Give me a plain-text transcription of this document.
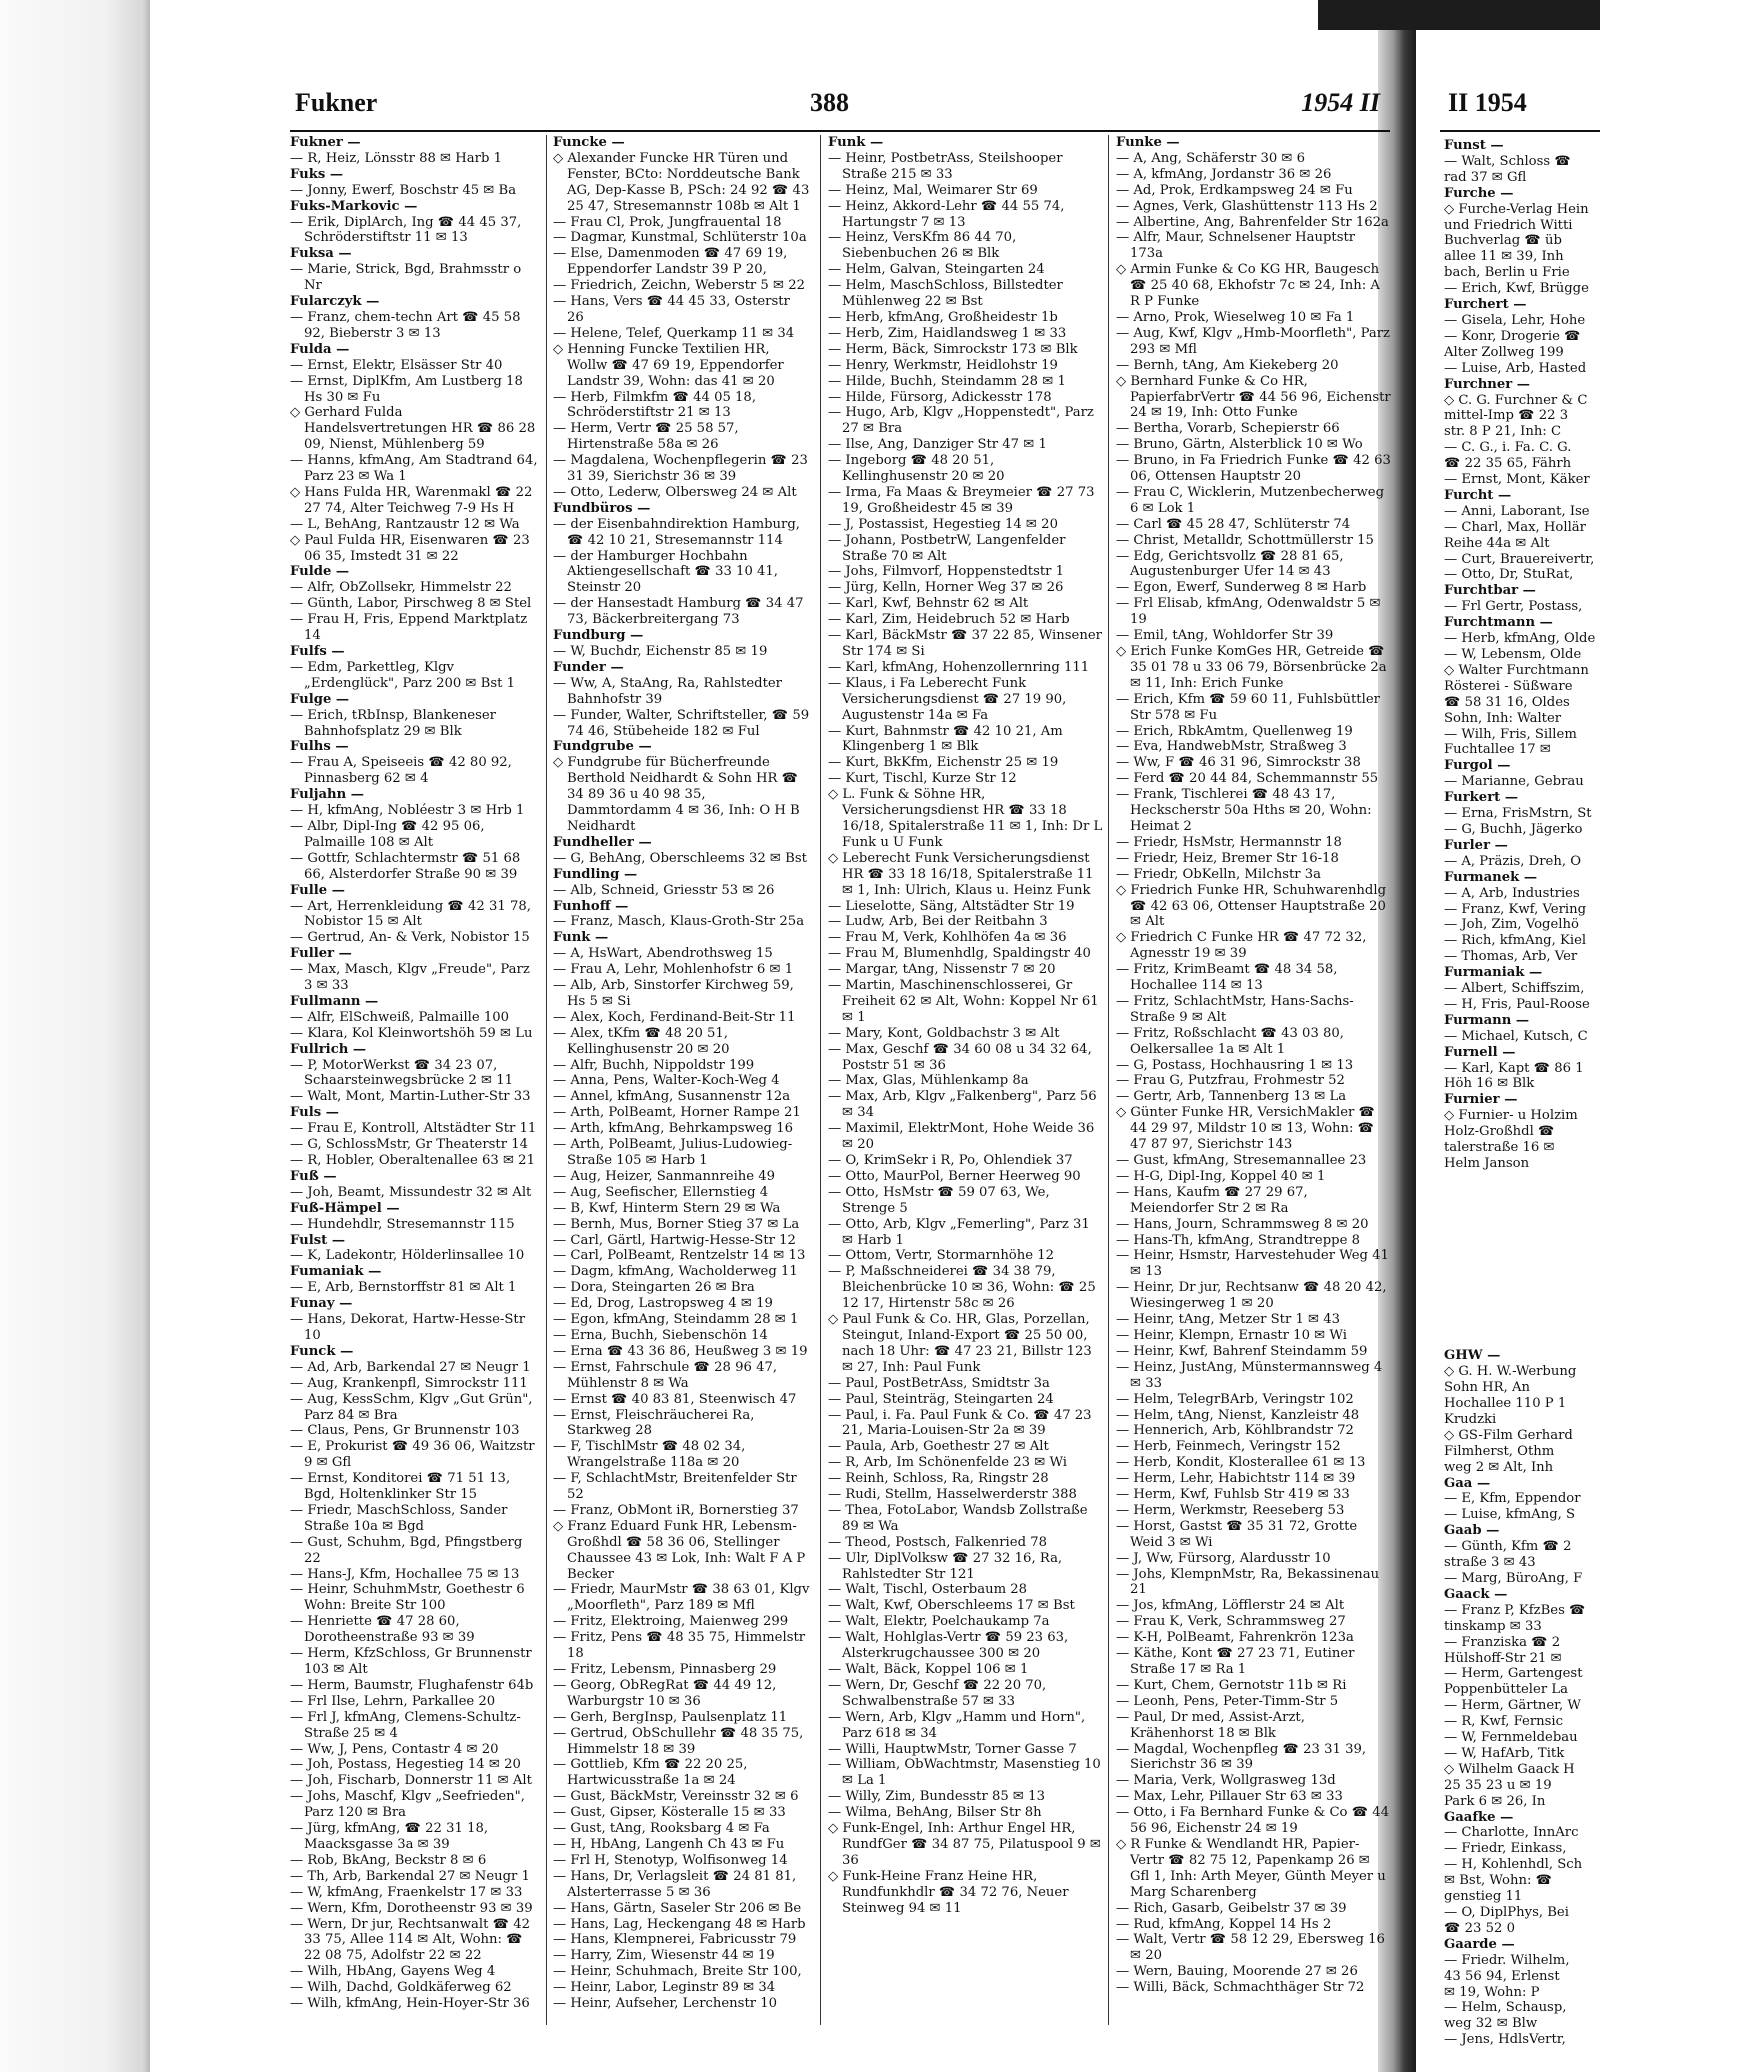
Fukner	388	1954 II

Fukner —

— R, Heiz, Lönsstr 88 ✉ Harb 1

Fuks —

— Jonny, Ewerf, Boschstr 45 ✉ Ba

Fuks-Markovic —

— Erik, DiplArch, Ing ☎ 44 45 37, Schröderstiftstr 11 ✉ 13

Fuksa —

— Marie, Strick, Bgd, Brahmsstr o Nr

Fularczyk —

— Franz, chem-techn Art ☎ 45 58 92, Bieberstr 3 ✉ 13

Fulda —

— Ernst, Elektr, Elsässer Str 40

— Ernst, DiplKfm, Am Lustberg 18 Hs 30 ✉ Fu

◇ Gerhard Fulda Handelsvertretungen HR ☎ 86 28 09, Nienst, Mühlenberg 59

— Hanns, kfmAng, Am Stadtrand 64, Parz 23 ✉ Wa 1

◇ Hans Fulda HR, Warenmakl ☎ 22 27 74, Alter Teichweg 7-9 Hs H

— L, BehAng, Rantzaustr 12 ✉ Wa

◇ Paul Fulda HR, Eisenwaren ☎ 23 06 35, Imstedt 31 ✉ 22

Fulde —

— Alfr, ObZollsekr, Himmelstr 22

— Günth, Labor, Pirschweg 8 ✉ Stel

— Frau H, Fris, Eppend Marktplatz 14

Fulfs —

— Edm, Parkettleg, Klgv „Erdenglück", Parz 200 ✉ Bst 1

Fulge —

— Erich, tRbInsp, Blankeneser Bahnhofsplatz 29 ✉ Blk

Fulhs —

— Frau A, Speiseeis ☎ 42 80 92, Pinnasberg 62 ✉ 4

Fuljahn —

— H, kfmAng, Nobléestr 3 ✉ Hrb 1

— Albr, Dipl-Ing ☎ 42 95 06, Palmaille 108 ✉ Alt

— Gottfr, Schlachtermstr ☎ 51 68 66, Alsterdorfer Straße 90 ✉ 39

Fulle —

— Art, Herrenkleidung ☎ 42 31 78, Nobistor 15 ✉ Alt

— Gertrud, An- & Verk, Nobistor 15

Fuller —

— Max, Masch, Klgv „Freude", Parz 3 ✉ 33

Fullmann —

— Alfr, ElSchweiß, Palmaille 100

— Klara, Kol Kleinwortshöh 59 ✉ Lu

Fullrich —

— P, MotorWerkst ☎ 34 23 07, Schaarsteinwegsbrücke 2 ✉ 11

— Walt, Mont, Martin-Luther-Str 33

Fuls —

— Frau E, Kontroll, Altstädter Str 11

— G, SchlossMstr, Gr Theaterstr 14

— R, Hobler, Oberaltenallee 63 ✉ 21

Fuß —

— Joh, Beamt, Missundestr 32 ✉ Alt

Fuß-Hämpel —

— Hundehdlr, Stresemannstr 115

Fulst —

— K, Ladekontr, Hölderlinsallee 10

Fumaniak —

— E, Arb, Bernstorffstr 81 ✉ Alt 1

Funay —

— Hans, Dekorat, Hartw-Hesse-Str 10

Funck —

— Ad, Arb, Barkendal 27 ✉ Neugr 1

— Aug, Krankenpfl, Simrockstr 111

— Aug, KessSchm, Klgv „Gut Grün", Parz 84 ✉ Bra

— Claus, Pens, Gr Brunnenstr 103

— E, Prokurist ☎ 49 36 06, Waitzstr 9 ✉ Gfl

— Ernst, Konditorei ☎ 71 51 13, Bgd, Holtenklinker Str 15

— Friedr, MaschSchloss, Sander Straße 10a ✉ Bgd

— Gust, Schuhm, Bgd, Pfingstberg 22

— Hans-J, Kfm, Hochallee 75 ✉ 13

— Heinr, SchuhmMstr, Goethestr 6 Wohn: Breite Str 100

— Henriette ☎ 47 28 60, Dorotheenstraße 93 ✉ 39

— Herm, KfzSchloss, Gr Brunnenstr 103 ✉ Alt

— Herm, Baumstr, Flughafenstr 64b

— Frl Ilse, Lehrn, Parkallee 20

— Frl J, kfmAng, Clemens-Schultz-Straße 25 ✉ 4

— Ww, J, Pens, Contastr 4 ✉ 20

— Joh, Postass, Hegestieg 14 ✉ 20

— Joh, Fischarb, Donnerstr 11 ✉ Alt

— Johs, Maschf, Klgv „Seefrieden", Parz 120 ✉ Bra

— Jürg, kfmAng, ☎ 22 31 18, Maacksgasse 3a ✉ 39

— Rob, BkAng, Beckstr 8 ✉ 6

— Th, Arb, Barkendal 27 ✉ Neugr 1

— W, kfmAng, Fraenkelstr 17 ✉ 33

— Wern, Kfm, Dorotheenstr 93 ✉ 39

— Wern, Dr jur, Rechtsanwalt ☎ 42 33 75, Allee 114 ✉ Alt, Wohn: ☎ 22 08 75, Adolfstr 22 ✉ 22

— Wilh, HbAng, Gayens Weg 4

— Wilh, Dachd, Goldkäferweg 62

— Wilh, kfmAng, Hein-Hoyer-Str 36

Funcke —

◇ Alexander Funcke HR Türen und Fenster, BCto: Norddeutsche Bank AG, Dep-Kasse B, PSch: 24 92 ☎ 43 25 47, Stresemannstr 108b ✉ Alt 1

— Frau Cl, Prok, Jungfrauental 18

— Dagmar, Kunstmal, Schlüterstr 10a

— Else, Damenmoden ☎ 47 69 19, Eppendorfer Landstr 39 P 20,

— Friedrich, Zeichn, Weberstr 5 ✉ 22

— Hans, Vers ☎ 44 45 33, Osterstr 26

— Helene, Telef, Querkamp 11 ✉ 34

◇ Henning Funcke Textilien HR, Wollw ☎ 47 69 19, Eppendorfer Landstr 39, Wohn: das 41 ✉ 20

— Herb, Filmkfm ☎ 44 05 18, Schröderstiftstr 21 ✉ 13

— Herm, Vertr ☎ 25 58 57, Hirtenstraße 58a ✉ 26

— Magdalena, Wochenpflegerin ☎ 23 31 39, Sierichstr 36 ✉ 39

— Otto, Lederw, Olbersweg 24 ✉ Alt

Fundbüros —

— der Eisenbahndirektion Hamburg, ☎ 42 10 21, Stresemannstr 114

— der Hamburger Hochbahn Aktiengesellschaft ☎ 33 10 41, Steinstr 20

— der Hansestadt Hamburg ☎ 34 47 73, Bäckerbreitergang 73

Fundburg —

— W, Buchdr, Eichenstr 85 ✉ 19

Funder —

— Ww, A, StaAng, Ra, Rahlstedter Bahnhofstr 39

— Funder, Walter, Schriftsteller, ☎ 59 74 46, Stübeheide 182 ✉ Ful

Fundgrube —

◇ Fundgrube für Bücherfreunde Berthold Neidhardt & Sohn HR ☎ 34 89 36 u 40 98 35, Dammtordamm 4 ✉ 36, Inh: O H B Neidhardt

Fundheller —

— G, BehAng, Oberschleems 32 ✉ Bst

Fundling —

— Alb, Schneid, Griesstr 53 ✉ 26

Funhoff —

— Franz, Masch, Klaus-Groth-Str 25a

Funk —

— A, HsWart, Abendrothsweg 15

— Frau A, Lehr, Mohlenhofstr 6 ✉ 1

— Alb, Arb, Sinstorfer Kirchweg 59, Hs 5 ✉ Si

— Alex, Koch, Ferdinand-Beit-Str 11

— Alex, tKfm ☎ 48 20 51, Kellinghusenstr 20 ✉ 20

— Alfr, Buchh, Nippoldstr 199

— Anna, Pens, Walter-Koch-Weg 4

— Annel, kfmAng, Susannenstr 12a

— Arth, PolBeamt, Horner Rampe 21

— Arth, kfmAng, Behrkampsweg 16

— Arth, PolBeamt, Julius-Ludowieg-Straße 105 ✉ Harb 1

— Aug, Heizer, Sanmannreihe 49

— Aug, Seefischer, Ellernstieg 4

— B, Kwf, Hinterm Stern 29 ✉ Wa

— Bernh, Mus, Borner Stieg 37 ✉ La

— Carl, Gärtl, Hartwig-Hesse-Str 12

— Carl, PolBeamt, Rentzelstr 14 ✉ 13

— Dagm, kfmAng, Wacholderweg 11

— Dora, Steingarten 26 ✉ Bra

— Ed, Drog, Lastropsweg 4 ✉ 19

— Egon, kfmAng, Steindamm 28 ✉ 1

— Erna, Buchh, Siebenschön 14

— Erna ☎ 43 36 86, Heußweg 3 ✉ 19

— Ernst, Fahrschule ☎ 28 96 47, Mühlenstr 8 ✉ Wa

— Ernst ☎ 40 83 81, Steenwisch 47

— Ernst, Fleischräucherei Ra, Starkweg 28

— F, TischlMstr ☎ 48 02 34, Wrangelstraße 118a ✉ 20

— F, SchlachtMstr, Breitenfelder Str 52

— Franz, ObMont iR, Bornerstieg 37

◇ Franz Eduard Funk HR, Lebensm-Großhdl ☎ 58 36 06, Stellinger Chaussee 43 ✉ Lok, Inh: Walt F A P Becker

— Friedr, MaurMstr ☎ 38 63 01, Klgv „Moorfleth", Parz 189 ✉ Mfl

— Fritz, Elektroing, Maienweg 299

— Fritz, Pens ☎ 48 35 75, Himmelstr 18

— Fritz, Lebensm, Pinnasberg 29

— Georg, ObRegRat ☎ 44 49 12, Warburgstr 10 ✉ 36

— Gerh, BergInsp, Paulsenplatz 11

— Gertrud, ObSchullehr ☎ 48 35 75, Himmelstr 18 ✉ 39

— Gottlieb, Kfm ☎ 22 20 25, Hartwicusstraße 1a ✉ 24

— Gust, BäckMstr, Vereinsstr 32 ✉ 6

— Gust, Gipser, Kösteralle 15 ✉ 33

— Gust, tAng, Rooksbarg 4 ✉ Fa

— H, HbAng, Langenh Ch 43 ✉ Fu

— Frl H, Stenotyp, Wolfisonweg 14

— Hans, Dr, Verlagsleit ☎ 24 81 81, Alsterterrasse 5 ✉ 36

— Hans, Gärtn, Saseler Str 206 ✉ Be

— Hans, Lag, Heckengang 48 ✉ Harb

— Hans, Klempnerei, Fabricusstr 79

— Harry, Zim, Wiesenstr 44 ✉ 19

— Heinr, Schuhmach, Breite Str 100,

— Heinr, Labor, Leginstr 89 ✉ 34

— Heinr, Aufseher, Lerchenstr 10

Funk —

— Heinr, PostbetrAss, Steilshooper Straße 215 ✉ 33

— Heinz, Mal, Weimarer Str 69

— Heinz, Akkord-Lehr ☎ 44 55 74, Hartungstr 7 ✉ 13

— Heinz, VersKfm 86 44 70, Siebenbuchen 26 ✉ Blk

— Helm, Galvan, Steingarten 24

— Helm, MaschSchloss, Billstedter Mühlenweg 22 ✉ Bst

— Herb, kfmAng, Großheidestr 1b

— Herb, Zim, Haidlandsweg 1 ✉ 33

— Herm, Bäck, Simrockstr 173 ✉ Blk

— Henry, Werkmstr, Heidlohstr 19

— Hilde, Buchh, Steindamm 28 ✉ 1

— Hilde, Fürsorg, Adickesstr 178

— Hugo, Arb, Klgv „Hoppenstedt", Parz 27 ✉ Bra

— Ilse, Ang, Danziger Str 47 ✉ 1

— Ingeborg ☎ 48 20 51, Kellinghusenstr 20 ✉ 20

— Irma, Fa Maas & Breymeier ☎ 27 73 19, Großheidestr 45 ✉ 39

— J, Postassist, Hegestieg 14 ✉ 20

— Johann, PostbetrW, Langenfelder Straße 70 ✉ Alt

— Johs, Filmvorf, Hoppenstedtstr 1

— Jürg, Kelln, Horner Weg 37 ✉ 26

— Karl, Kwf, Behnstr 62 ✉ Alt

— Karl, Zim, Heidebruch 52 ✉ Harb

— Karl, BäckMstr ☎ 37 22 85, Winsener Str 174 ✉ Si

— Karl, kfmAng, Hohenzollernring 111

— Klaus, i Fa Leberecht Funk Versicherungsdienst ☎ 27 19 90, Augustenstr 14a ✉ Fa

— Kurt, Bahnmstr ☎ 42 10 21, Am Klingenberg 1 ✉ Blk

— Kurt, BkKfm, Eichenstr 25 ✉ 19

— Kurt, Tischl, Kurze Str 12

◇ L. Funk & Söhne HR, Versicherungsdienst HR ☎ 33 18 16/18, Spitalerstraße 11 ✉ 1, Inh: Dr L Funk u U Funk

◇ Leberecht Funk Versicherungsdienst HR ☎ 33 18 16/18, Spitalerstraße 11 ✉ 1, Inh: Ulrich, Klaus u. Heinz Funk

— Lieselotte, Säng, Altstädter Str 19

— Ludw, Arb, Bei der Reitbahn 3

— Frau M, Verk, Kohlhöfen 4a ✉ 36

— Frau M, Blumenhdlg, Spaldingstr 40

— Margar, tAng, Nissenstr 7 ✉ 20

— Martin, Maschinenschlosserei, Gr Freiheit 62 ✉ Alt, Wohn: Koppel Nr 61 ✉ 1

— Mary, Kont, Goldbachstr 3 ✉ Alt

— Max, Geschf ☎ 34 60 08 u 34 32 64, Poststr 51 ✉ 36

— Max, Glas, Mühlenkamp 8a

— Max, Arb, Klgv „Falkenberg", Parz 56 ✉ 34

— Maximil, ElektrMont, Hohe Weide 36 ✉ 20

— O, KrimSekr i R, Po, Ohlendiek 37

— Otto, MaurPol, Berner Heerweg 90

— Otto, HsMstr ☎ 59 07 63, We, Strenge 5

— Otto, Arb, Klgv „Femerling", Parz 31 ✉ Harb 1

— Ottom, Vertr, Stormarnhöhe 12

— P, Maßschneiderei ☎ 34 38 79, Bleichenbrücke 10 ✉ 36, Wohn: ☎ 25 12 17, Hirtenstr 58c ✉ 26

◇ Paul Funk & Co. HR, Glas, Porzellan, Steingut, Inland-Export ☎ 25 50 00, nach 18 Uhr: ☎ 47 23 21, Billstr 123 ✉ 27, Inh: Paul Funk

— Paul, PostBetrAss, Smidtstr 3a

— Paul, Steinträg, Steingarten 24

— Paul, i. Fa. Paul Funk & Co. ☎ 47 23 21, Maria-Louisen-Str 2a ✉ 39

— Paula, Arb, Goethestr 27 ✉ Alt

— R, Arb, Im Schönenfelde 23 ✉ Wi

— Reinh, Schloss, Ra, Ringstr 28

— Rudi, Stellm, Hasselwerderstr 388

— Thea, FotoLabor, Wandsb Zollstraße 89 ✉ Wa

— Theod, Postsch, Falkenried 78

— Ulr, DiplVolksw ☎ 27 32 16, Ra, Rahlstedter Str 121

— Walt, Tischl, Osterbaum 28

— Walt, Kwf, Oberschleems 17 ✉ Bst

— Walt, Elektr, Poelchaukamp 7a

— Walt, Hohlglas-Vertr ☎ 59 23 63, Alsterkrugchaussee 300 ✉ 20

— Walt, Bäck, Koppel 106 ✉ 1

— Wern, Dr, Geschf ☎ 22 20 70, Schwalbenstraße 57 ✉ 33

— Wern, Arb, Klgv „Hamm und Horn", Parz 618 ✉ 34

— Willi, HauptwMstr, Torner Gasse 7

— William, ObWachtmstr, Masenstieg 10 ✉ La 1

— Willy, Zim, Bundesstr 85 ✉ 13

— Wilma, BehAng, Bilser Str 8h

◇ Funk-Engel, Inh: Arthur Engel HR, RundfGer ☎ 34 87 75, Pilatuspool 9 ✉ 36

◇ Funk-Heine Franz Heine HR, Rundfunkhdlr ☎ 34 72 76, Neuer Steinweg 94 ✉ 11

Funke —

— A, Ang, Schäferstr 30 ✉ 6

— A, kfmAng, Jordanstr 36 ✉ 26

— Ad, Prok, Erdkampsweg 24 ✉ Fu

— Agnes, Verk, Glashüttenstr 113 Hs 2

— Albertine, Ang, Bahrenfelder Str 162a

— Alfr, Maur, Schnelsener Hauptstr 173a

◇ Armin Funke & Co KG HR, Baugesch ☎ 25 40 68, Ekhofstr 7c ✉ 24, Inh: A R P Funke

— Arno, Prok, Wieselweg 10 ✉ Fa 1

— Aug, Kwf, Klgv „Hmb-Moorfleth", Parz 293 ✉ Mfl

— Bernh, tAng, Am Kiekeberg 20

◇ Bernhard Funke & Co HR, PapierfabrVertr ☎ 44 56 96, Eichenstr 24 ✉ 19, Inh: Otto Funke

— Bertha, Vorarb, Schepierstr 66

— Bruno, Gärtn, Alsterblick 10 ✉ Wo

— Bruno, in Fa Friedrich Funke ☎ 42 63 06, Ottensen Hauptstr 20

— Frau C, Wicklerin, Mutzenbecherweg 6 ✉ Lok 1

— Carl ☎ 45 28 47, Schlüterstr 74

— Christ, Metalldr, Schottmüllerstr 15

— Edg, Gerichtsvollz ☎ 28 81 65, Augustenburger Ufer 14 ✉ 43

— Egon, Ewerf, Sunderweg 8 ✉ Harb

— Frl Elisab, kfmAng, Odenwaldstr 5 ✉ 19

— Emil, tAng, Wohldorfer Str 39

◇ Erich Funke KomGes HR, Getreide ☎ 35 01 78 u 33 06 79, Börsenbrücke 2a ✉ 11, Inh: Erich Funke

— Erich, Kfm ☎ 59 60 11, Fuhlsbüttler Str 578 ✉ Fu

— Erich, RbkAmtm, Quellenweg 19

— Eva, HandwebMstr, Straßweg 3

— Ww, F ☎ 46 31 96, Simrockstr 38

— Ferd ☎ 20 44 84, Schemmannstr 55

— Frank, Tischlerei ☎ 48 43 17, Heckscherstr 50a Hths ✉ 20, Wohn: Heimat 2

— Friedr, HsMstr, Hermannstr 18

— Friedr, Heiz, Bremer Str 16-18

— Friedr, ObKelln, Milchstr 3a

◇ Friedrich Funke HR, Schuhwarenhdlg ☎ 42 63 06, Ottenser Hauptstraße 20 ✉ Alt

◇ Friedrich C Funke HR ☎ 47 72 32, Agnesstr 19 ✉ 39

— Fritz, KrimBeamt ☎ 48 34 58, Hochallee 114 ✉ 13

— Fritz, SchlachtMstr, Hans-Sachs-Straße 9 ✉ Alt

— Fritz, Roßschlacht ☎ 43 03 80, Oelkersallee 1a ✉ Alt 1

— G, Postass, Hochhausring 1 ✉ 13

— Frau G, Putzfrau, Frohmestr 52

— Gertr, Arb, Tannenberg 13 ✉ La

◇ Günter Funke HR, VersichMakler ☎ 44 29 97, Mildstr 10 ✉ 13, Wohn: ☎ 47 87 97, Sierichstr 143

— Gust, kfmAng, Stresemannallee 23

— H-G, Dipl-Ing, Koppel 40 ✉ 1

— Hans, Kaufm ☎ 27 29 67, Meiendorfer Str 2 ✉ Ra

— Hans, Journ, Schrammsweg 8 ✉ 20

— Hans-Th, kfmAng, Strandtreppe 8

— Heinr, Hsmstr, Harvestehuder Weg 41 ✉ 13

— Heinr, Dr jur, Rechtsanw ☎ 48 20 42, Wiesingerweg 1 ✉ 20

— Heinr, tAng, Metzer Str 1 ✉ 43

— Heinr, Klempn, Ernastr 10 ✉ Wi

— Heinr, Kwf, Bahrenf Steindamm 59

— Heinz, JustAng, Münstermannsweg 4 ✉ 33

— Helm, TelegrBArb, Veringstr 102

— Helm, tAng, Nienst, Kanzleistr 48

— Hennerich, Arb, Köhlbrandstr 72

— Herb, Feinmech, Veringstr 152

— Herb, Kondit, Klosterallee 61 ✉ 13

— Herm, Lehr, Habichtstr 114 ✉ 39

— Herm, Kwf, Fuhlsb Str 419 ✉ 33

— Herm, Werkmstr, Reeseberg 53

— Horst, Gastst ☎ 35 31 72, Grotte Weid 3 ✉ Wi

— J, Ww, Fürsorg, Alardusstr 10

— Johs, KlempnMstr, Ra, Bekassinenau 21

— Jos, kfmAng, Löfflerstr 24 ✉ Alt

— Frau K, Verk, Schrammsweg 27

— K-H, PolBeamt, Fahrenkrön 123a

— Käthe, Kont ☎ 27 23 71, Eutiner Straße 17 ✉ Ra 1

— Kurt, Chem, Gernotstr 11b ✉ Ri

— Leonh, Pens, Peter-Timm-Str 5

— Paul, Dr med, Assist-Arzt, Krähenhorst 18 ✉ Blk

— Magdal, Wochenpfleg ☎ 23 31 39, Sierichstr 36 ✉ 39

— Maria, Verk, Wollgrasweg 13d

— Max, Lehr, Pillauer Str 63 ✉ 33

— Otto, i Fa Bernhard Funke & Co ☎ 44 56 96, Eichenstr 24 ✉ 19

◇ R Funke & Wendlandt HR, Papier-Vertr ☎ 82 75 12, Papenkamp 26 ✉ Gfl 1, Inh: Arth Meyer, Günth Meyer u Marg Scharenberg

— Rich, Gasarb, Geibelstr 37 ✉ 39

— Rud, kfmAng, Koppel 14 Hs 2

— Walt, Vertr ☎ 58 12 29, Ebersweg 16 ✉ 20

— Wern, Bauing, Moorende 27 ✉ 26

— Willi, Bäck, Schmachthäger Str 72

II 1954

Funst —

— Walt, Schloss ☎

rad 37 ✉ Gfl

Furche —

◇ Furche-Verlag Hein

und Friedrich Witti

Buchverlag ☎ üb

allee 11 ✉ 39, Inh

bach, Berlin u Frie

— Erich, Kwf, Brügge

Furchert —

— Gisela, Lehr, Hohe

— Konr, Drogerie ☎

Alter Zollweg 199

— Luise, Arb, Hasted

Furchner —

◇ C. G. Furchner & C

mittel-Imp ☎ 22 3

str. 8 P 21, Inh: C

— C. G., i. Fa. C. G.

☎ 22 35 65, Fährh

— Ernst, Mont, Käker

Furcht —

— Anni, Laborant, Ise

— Charl, Max, Hollär

Reihe 44a ✉ Alt

— Curt, Brauereivertr,

— Otto, Dr, StuRat,

Furchtbar —

— Frl Gertr, Postass,

Furchtmann —

— Herb, kfmAng, Olde

— W, Lebensm, Olde

◇ Walter Furchtmann

Rösterei - Süßware

☎ 58 31 16, Oldes

Sohn, Inh: Walter

— Wilh, Fris, Sillem

Fuchtallee 17 ✉

Furgol —

— Marianne, Gebrau

Furkert —

— Erna, FrisMstrn, St

— G, Buchh, Jägerko

Furler —

— A, Präzis, Dreh, O

Furmanek —

— A, Arb, Industries

— Franz, Kwf, Vering

— Joh, Zim, Vogelhö

— Rich, kfmAng, Kiel

— Thomas, Arb, Ver

Furmaniak —

— Albert, Schiffszim,

— H, Fris, Paul-Roose

Furmann —

— Michael, Kutsch, C

Furnell —

— Karl, Kapt ☎ 86 1

Höh 16 ✉ Blk

Furnier —

◇ Furnier- u Holzim

Holz-Großhdl ☎

talerstraße 16 ✉

Helm Janson

GHW —

◇ G. H. W.-Werbung

Sohn HR, An

Hochallee 110 P 1

Krudzki

◇ GS-Film Gerhard

Filmherst, Othm

weg 2 ✉ Alt, Inh

Gaa —

— E, Kfm, Eppendor

— Luise, kfmAng, S

Gaab —

— Günth, Kfm ☎ 2

straße 3 ✉ 43

— Marg, BüroAng, F

Gaack —

— Franz P, KfzBes ☎

tinskamp ✉ 33

— Franziska ☎ 2

Hülshoff-Str 21 ✉

— Herm, Gartengest

Poppenbütteler La

— Herm, Gärtner, W

— R, Kwf, Fernsic

— W, Fernmeldebau

— W, HafArb, Titk

◇ Wilhelm Gaack H

25 35 23 u ✉ 19

Park 6 ✉ 26, In

Gaafke —

— Charlotte, InnArc

— Friedr, Einkass,

— H, Kohlenhdl, Sch

✉ Bst, Wohn: ☎

genstieg 11

— O, DiplPhys, Bei

☎ 23 52 0

Gaarde —

— Friedr. Wilhelm,

43 56 94, Erlenst

✉ 19, Wohn: P

— Helm, Schausp,

weg 32 ✉ Blw

— Jens, HdlsVertr,
